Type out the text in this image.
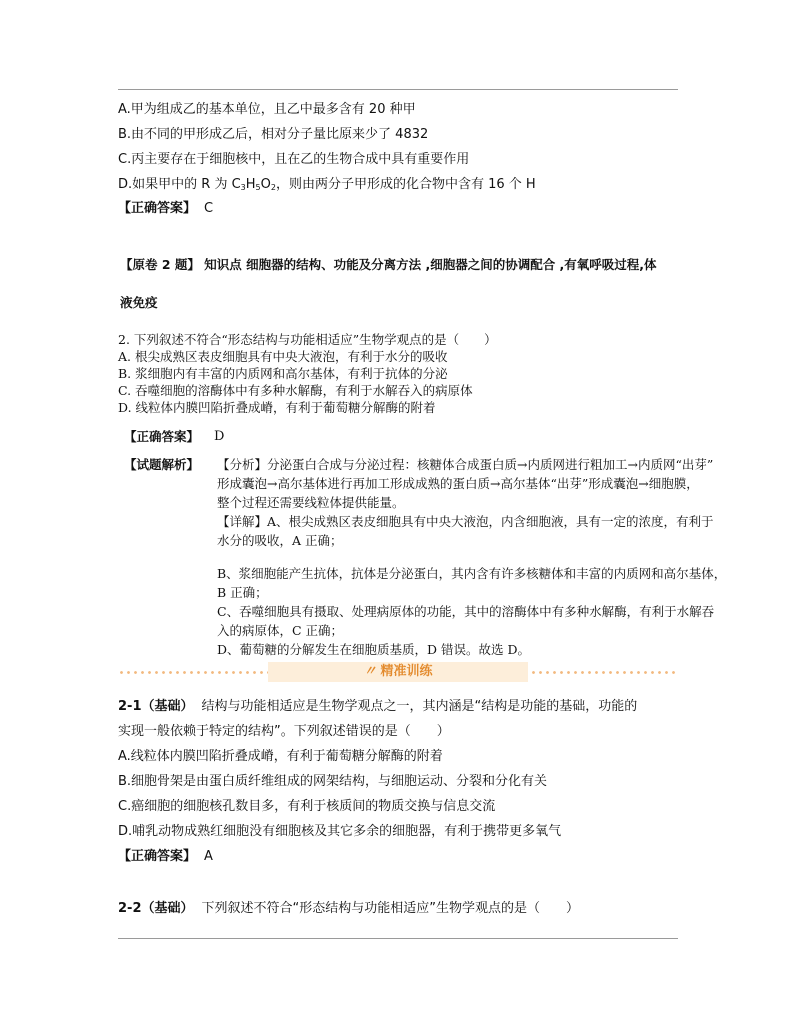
A.甲为组成乙的基本单位，且乙中最多含有 20 种甲
B.由不同的甲形成乙后，相对分子量比原来少了 4832
C.丙主要存在于细胞核中，且在乙的生物合成中具有重要作用
D.如果甲中的 R 为 $C_3H_5O_2$，则由两分子甲形成的化合物中含有 16 个 H
【正确答案】 C
【原卷 2 题】 知识点 细胞器的结构、功能及分离方法 ,细胞器之间的协调配合 ,有氧呼吸过程,体
液免疫
2. 下列叙述不符合“形态结构与功能相适应”生物学观点的是（　　）
A. 根尖成熟区表皮细胞具有中央大液泡，有利于水分的吸收
B. 浆细胞内有丰富的内质网和高尔基体，有利于抗体的分泌
C. 吞噬细胞的溶酶体中有多种水解酶，有利于水解吞入的病原体
D. 线粒体内膜凹陷折叠成嵴，有利于葡萄糖分解酶的附着
【正确答案】 D
【试题解析】 【分析】分泌蛋白合成与分泌过程：核糖体合成蛋白质→内质网进行粗加工→内质网“出芽”
形成囊泡→高尔基体进行再加工形成成熟的蛋白质→高尔基体“出芽”形成囊泡→细胞膜，
整个过程还需要线粒体提供能量。
【详解】A、根尖成熟区表皮细胞具有中央大液泡，内含细胞液，具有一定的浓度，有利于
水分的吸收，A 正确；
B、浆细胞能产生抗体，抗体是分泌蛋白，其内含有许多核糖体和丰富的内质网和高尔基体，
B 正确；
C、吞噬细胞具有摄取、处理病原体的功能，其中的溶酶体中有多种水解酶，有利于水解吞
入的病原体，C 正确；
D、葡萄糖的分解发生在细胞质基质，D 错误。故选 D。
〃 精准训练
2-1（基础） 结构与功能相适应是生物学观点之一，其内涵是“结构是功能的基础，功能的
实现一般依赖于特定的结构”。下列叙述错误的是（　　）
A.线粒体内膜凹陷折叠成嵴，有利于葡萄糖分解酶的附着
B.细胞骨架是由蛋白质纤维组成的网架结构，与细胞运动、分裂和分化有关
C.癌细胞的细胞核孔数目多，有利于核质间的物质交换与信息交流
D.哺乳动物成熟红细胞没有细胞核及其它多余的细胞器，有利于携带更多氧气
【正确答案】 A
2-2（基础） 下列叙述不符合“形态结构与功能相适应”生物学观点的是（　　）
